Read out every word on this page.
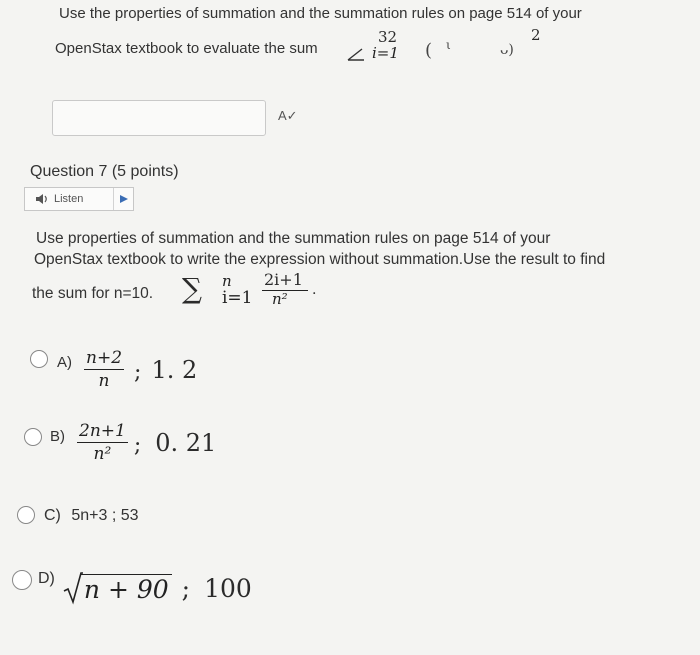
Use the properties of summation and the summation rules on page 514 of your
OpenStax textbook to evaluate the sum
32
i=1 ( ι	ᴗ)
2
A✓
Question 7 (5 points)
Listen
Use properties of summation and the summation rules on page 514 of your
OpenStax textbook to write the expression without summation.Use the result to find
the sum for n=10. ∑ n
i=1
2i+1
n² .
$A) \frac{n+2}{n}$ ; 1. 2
$B) \frac{2n+1}{\text{n²}}$ ; 0. 21
C) 5n+3 ; 53
D) n + 90 ; 100
